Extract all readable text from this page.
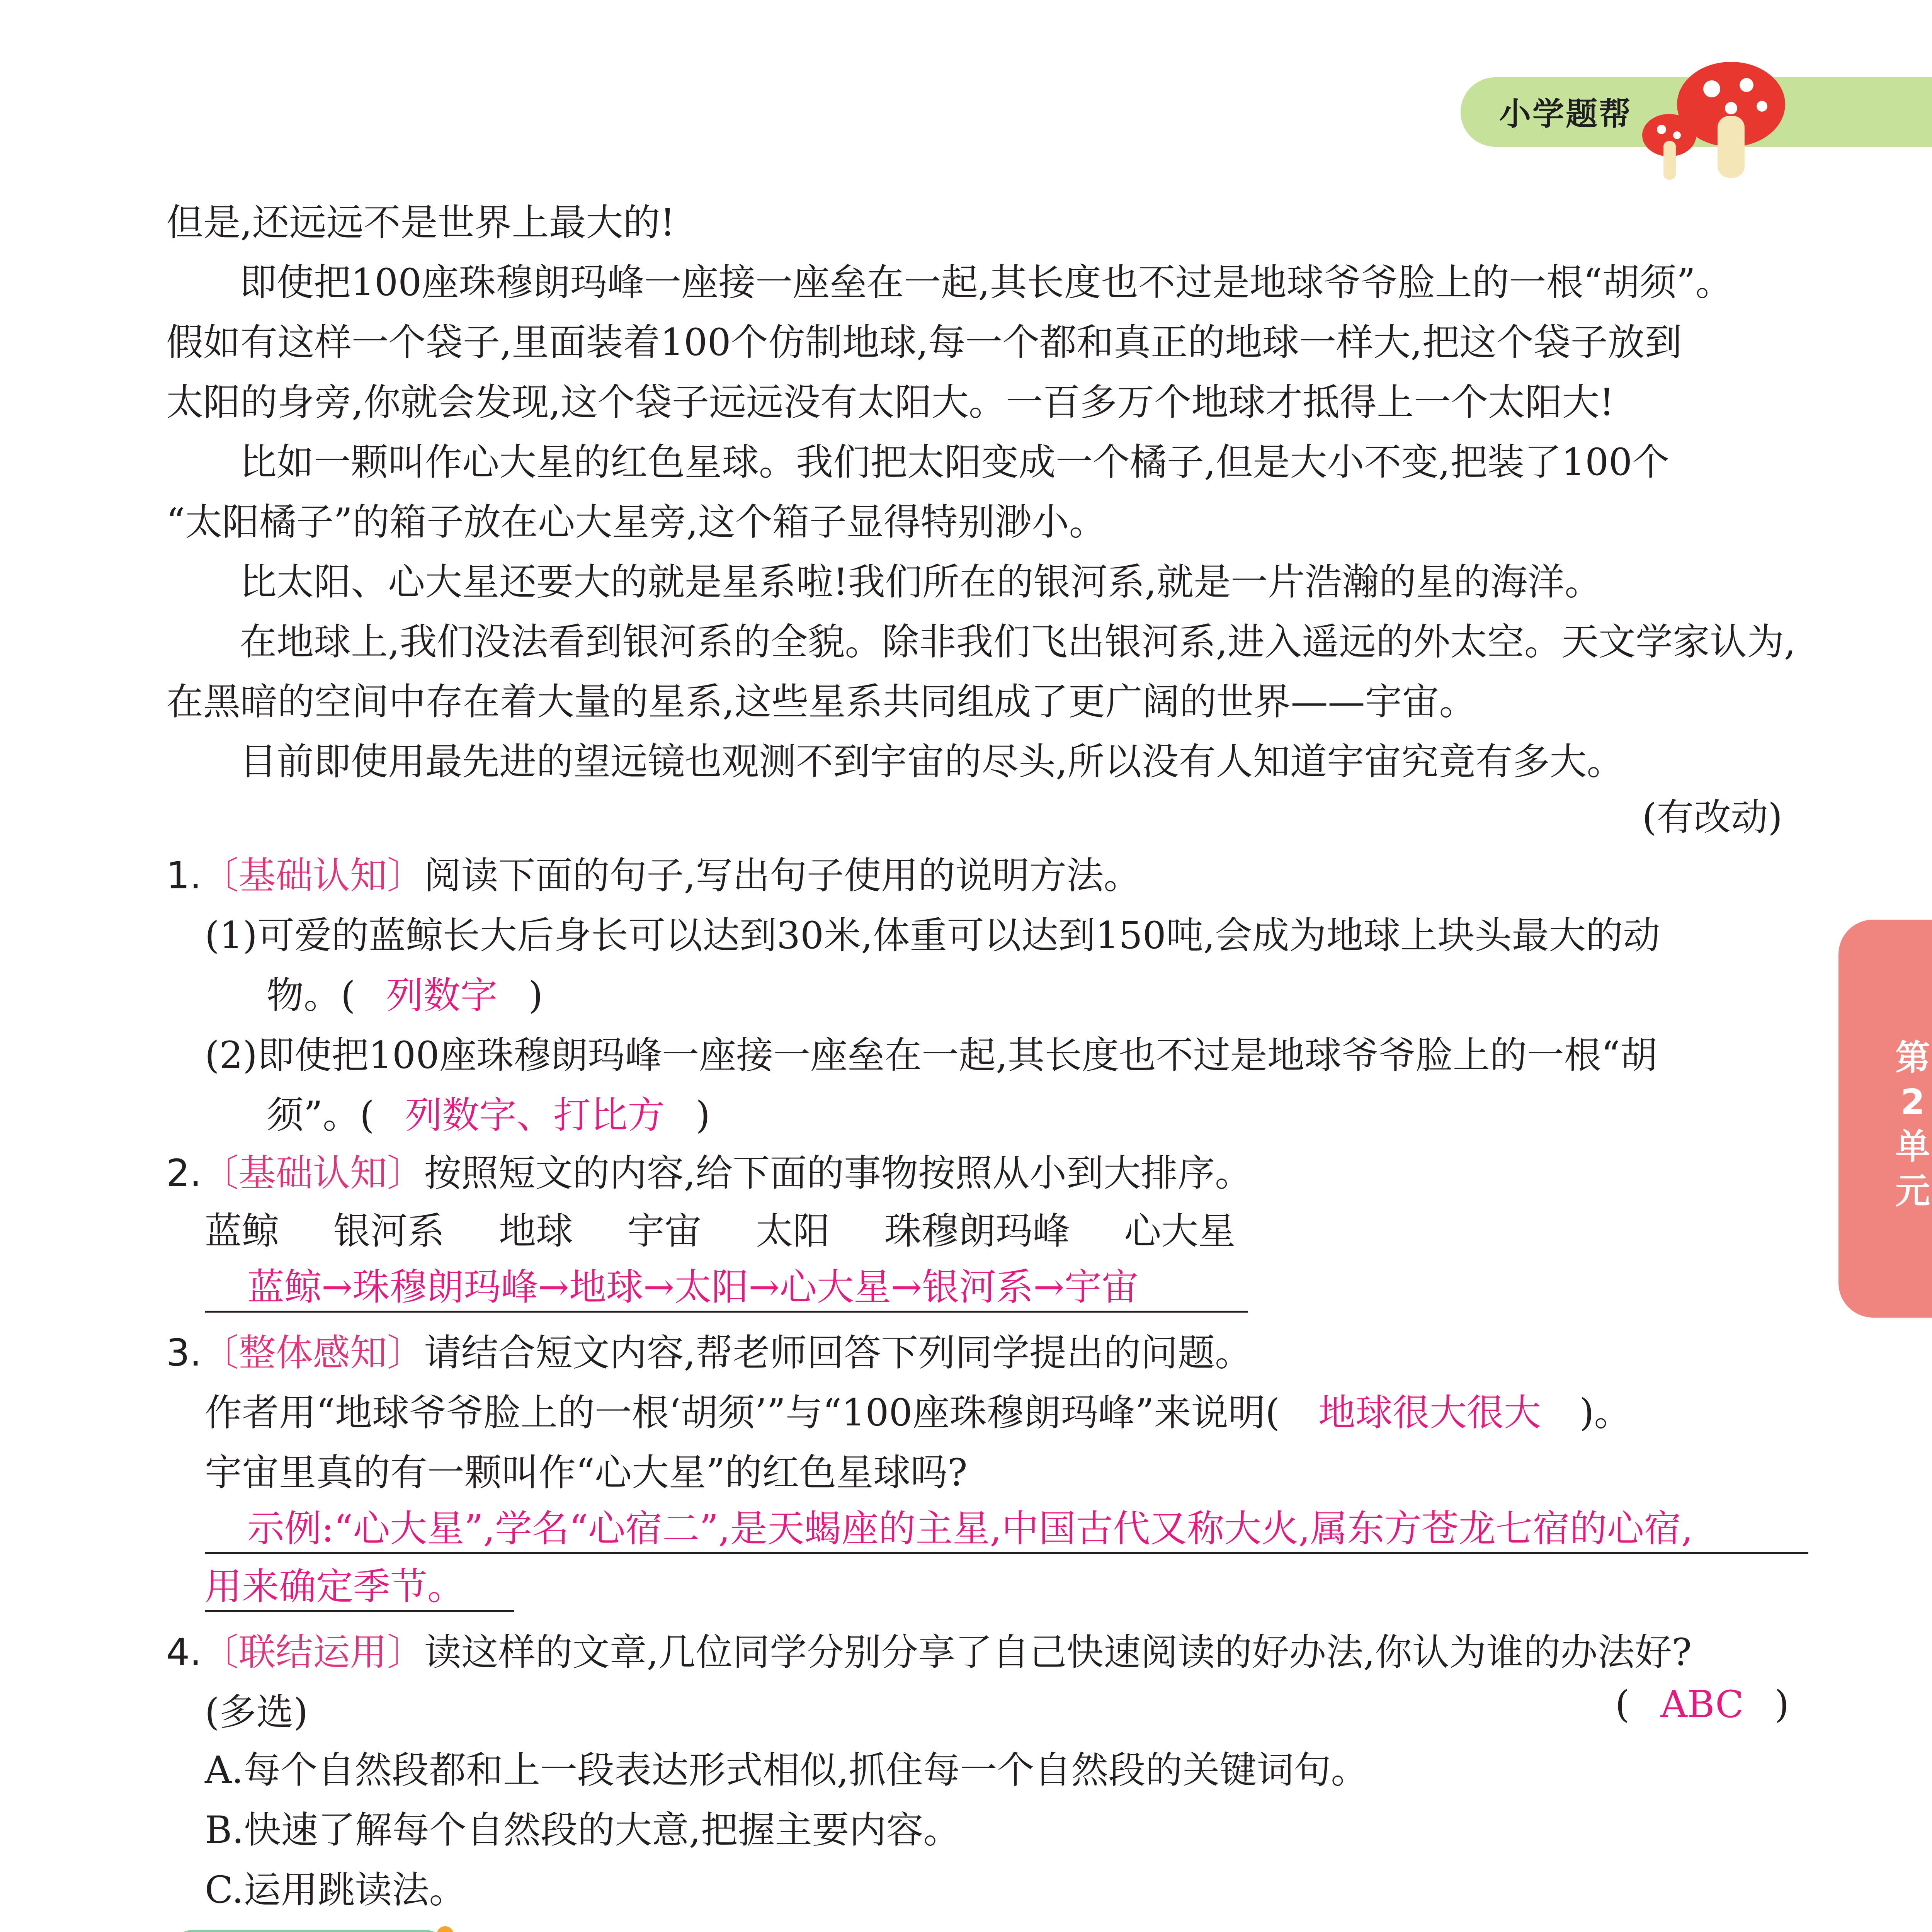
小学题帮
第
2
单
元
但是,还远远不是世界上最大的!
即使把100座珠穆朗玛峰一座接一座垒在一起,其长度也不过是地球爷爷脸上的一根“胡须”。
假如有这样一个袋子,里面装着100个仿制地球,每一个都和真正的地球一样大,把这个袋子放到
太阳的身旁,你就会发现,这个袋子远远没有太阳大。一百多万个地球才抵得上一个太阳大!
比如一颗叫作心大星的红色星球。我们把太阳变成一个橘子,但是大小不变,把装了100个
“太阳橘子”的箱子放在心大星旁,这个箱子显得特别渺小。
比太阳、心大星还要大的就是星系啦!我们所在的银河系,就是一片浩瀚的星的海洋。
在地球上,我们没法看到银河系的全貌。除非我们飞出银河系,进入遥远的外太空。天文学家认为,
在黑暗的空间中存在着大量的星系,这些星系共同组成了更广阔的世界——宇宙。
目前即使用最先进的望远镜也观测不到宇宙的尽头,所以没有人知道宇宙究竟有多大。
(有改动)
1.〔基础认知〕阅读下面的句子,写出句子使用的说明方法。
(1)可爱的蓝鲸长大后身长可以达到30米,体重可以达到150吨,会成为地球上块头最大的动
物。( 列数字 )
(2)即使把100座珠穆朗玛峰一座接一座垒在一起,其长度也不过是地球爷爷脸上的一根“胡
须”。( 列数字、打比方 )
2.〔基础认知〕按照短文的内容,给下面的事物按照从小到大排序。
蓝鲸 银河系 地球 宇宙 太阳 珠穆朗玛峰 心大星
蓝鲸→珠穆朗玛峰→地球→太阳→心大星→银河系→宇宙
3.〔整体感知〕请结合短文内容,帮老师回答下列同学提出的问题。
作者用“地球爷爷脸上的一根‘胡须’”与“100座珠穆朗玛峰”来说明( 地球很大很大 )。
宇宙里真的有一颗叫作“心大星”的红色星球吗?
示例:“心大星”,学名“心宿二”,是天蝎座的主星,中国古代又称大火,属东方苍龙七宿的心宿,
用来确定季节。
4.〔联结运用〕读这样的文章,几位同学分别分享了自己快速阅读的好办法,你认为谁的办法好?
(多选)	( ABC )
A.每个自然段都和上一段表达形式相似,抓住每一个自然段的关键词句。
B.快速了解每个自然段的大意,把握主要内容。
C.运用跳读法。
